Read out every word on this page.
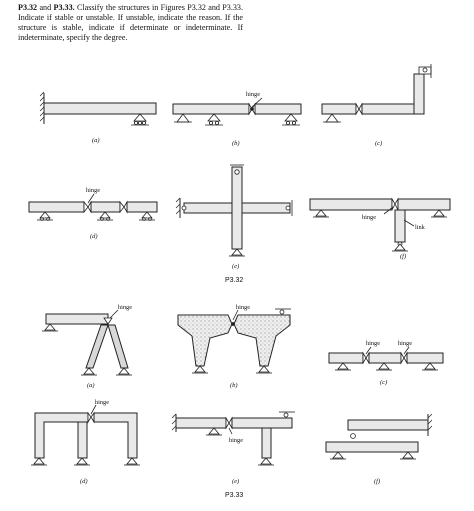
P3.32 and P3.33. Classify the structures in Figures P3.32 and P3.33. Indicate if stable or unstable. If unstable, indicate the reason. If the structure is stable, indicate if determinate or indeterminate. If indeterminate, specify the degree.
(a)
hinge
(b)	(c)
hinge
(d)
(e)
hinge
link
(f)
P3.32
hinge
(a)
hinge
(b)
hinge	hinge
(c)
hinge
(d)
hinge
(e)	(f)
P3.33
